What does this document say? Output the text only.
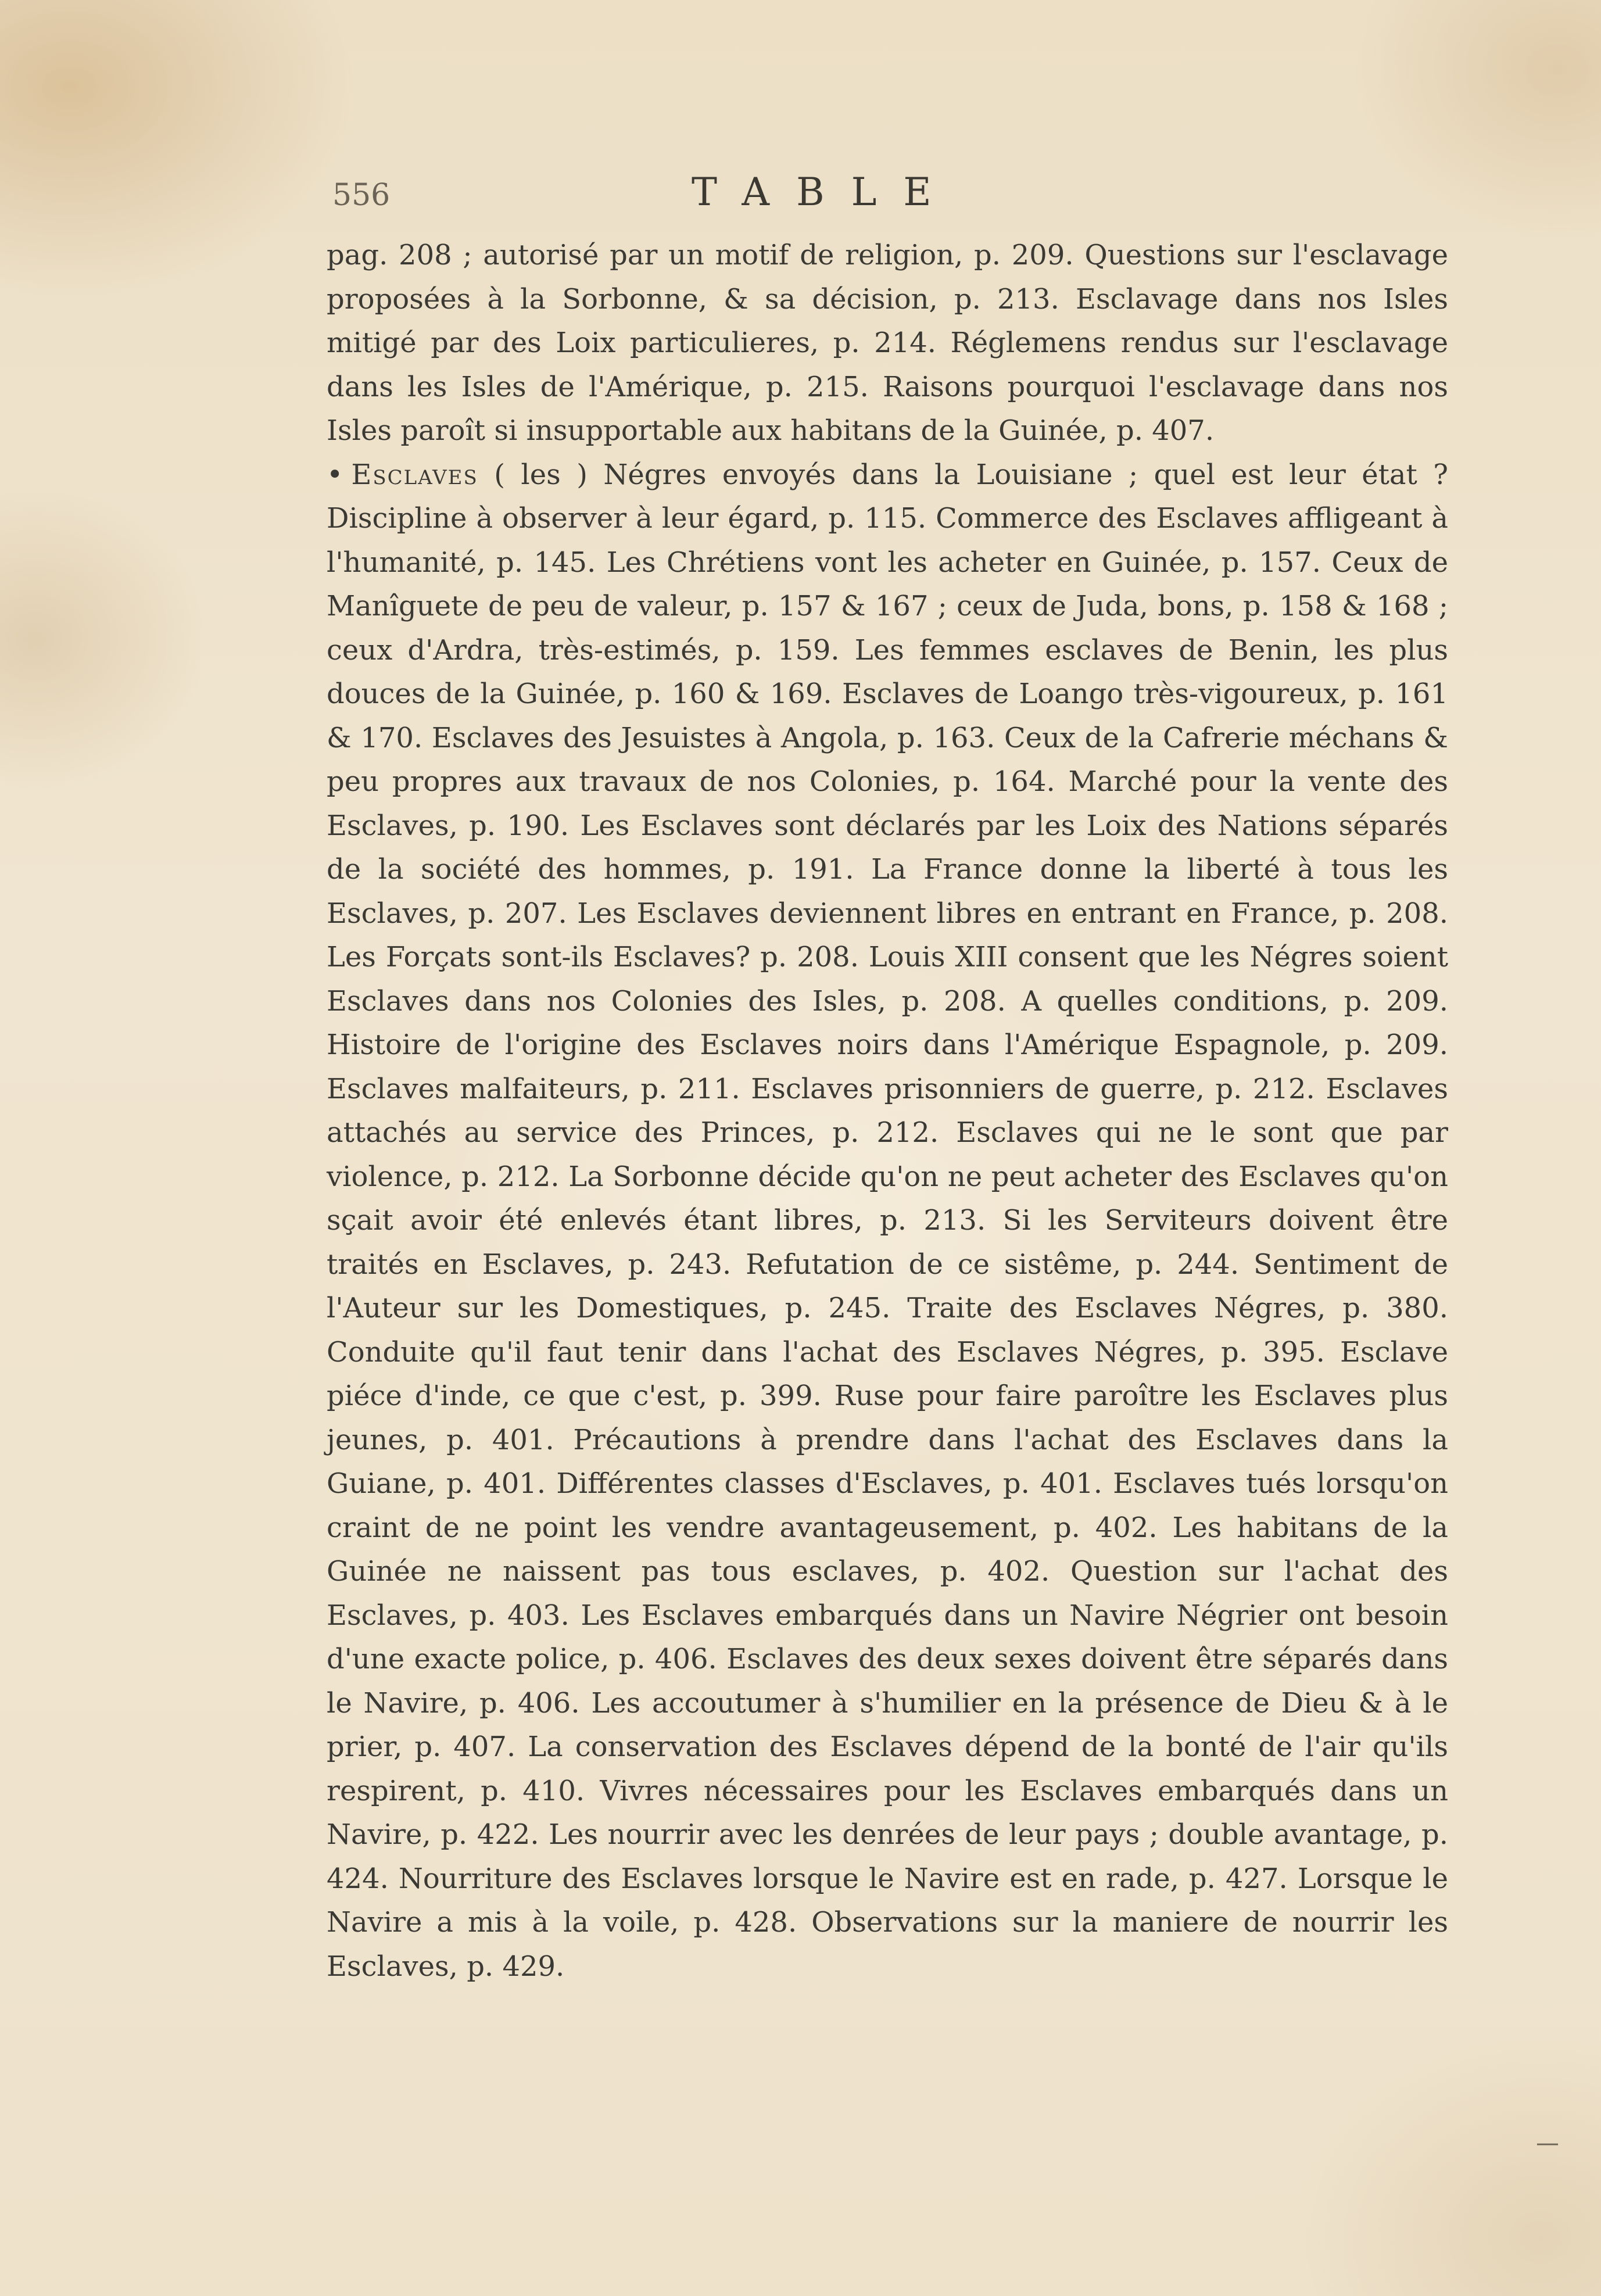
556	TABLE

pag. 208 ; autorisé par un motif de religion, p. 209. Questions sur l'esclavage proposées à la Sorbonne, & sa décision, p. 213. Esclavage dans nos Isles mitigé par des Loix particulieres, p. 214. Réglemens rendus sur l'esclavage dans les Isles de l'Amérique, p. 215. Raisons pourquoi l'esclavage dans nos Isles paroît si insupportable aux habitans de la Guinée, p. 407.

• Esclaves ( les ) Négres envoyés dans la Louisiane ; quel est leur état ? Discipline à observer à leur égard, p. 115. Commerce des Esclaves affligeant à l'humanité, p. 145. Les Chrétiens vont les acheter en Guinée, p. 157. Ceux de Manîguete de peu de valeur, p. 157 & 167 ; ceux de Juda, bons, p. 158 & 168 ; ceux d'Ardra, très-estimés, p. 159. Les femmes esclaves de Benin, les plus douces de la Guinée, p. 160 & 169. Esclaves de Loango très-vigoureux, p. 161 & 170. Esclaves des Jesuistes à Angola, p. 163. Ceux de la Cafrerie méchans & peu propres aux travaux de nos Colonies, p. 164. Marché pour la vente des Esclaves, p. 190. Les Esclaves sont déclarés par les Loix des Nations séparés de la société des hommes, p. 191. La France donne la liberté à tous les Esclaves, p. 207. Les Esclaves deviennent libres en entrant en France, p. 208. Les Forçats sont-ils Esclaves? p. 208. Louis XIII consent que les Négres soient Esclaves dans nos Colonies des Isles, p. 208. A quelles conditions, p. 209. Histoire de l'origine des Esclaves noirs dans l'Amérique Espagnole, p. 209. Esclaves malfaiteurs, p. 211. Esclaves prisonniers de guerre, p. 212. Esclaves attachés au service des Princes, p. 212. Esclaves qui ne le sont que par violence, p. 212. La Sorbonne décide qu'on ne peut acheter des Esclaves qu'on sçait avoir été enlevés étant libres, p. 213. Si les Serviteurs doivent être traités en Esclaves, p. 243. Refutation de ce sistême, p. 244. Sentiment de l'Auteur sur les Domestiques, p. 245. Traite des Esclaves Négres, p. 380. Conduite qu'il faut tenir dans l'achat des Esclaves Négres, p. 395. Esclave piéce d'inde, ce que c'est, p. 399. Ruse pour faire paroître les Esclaves plus jeunes, p. 401. Précautions à prendre dans l'achat des Esclaves dans la Guiane, p. 401. Différentes classes d'Esclaves, p. 401. Esclaves tués lorsqu'on craint de ne point les vendre avantageusement, p. 402. Les habitans de la Guinée ne naissent pas tous esclaves, p. 402. Question sur l'achat des Esclaves, p. 403. Les Esclaves embarqués dans un Navire Négrier ont besoin d'une exacte police, p. 406. Esclaves des deux sexes doivent être séparés dans le Navire, p. 406. Les accoutumer à s'humilier en la présence de Dieu & à le prier, p. 407. La conservation des Esclaves dépend de la bonté de l'air qu'ils respirent, p. 410. Vivres nécessaires pour les Esclaves embarqués dans un Navire, p. 422. Les nourrir avec les denrées de leur pays ; double avantage, p. 424. Nourriture des Esclaves lorsque le Navire est en rade, p. 427. Lorsque le Navire a mis à la voile, p. 428. Observations sur la maniere de nourrir les Esclaves, p. 429.

—
